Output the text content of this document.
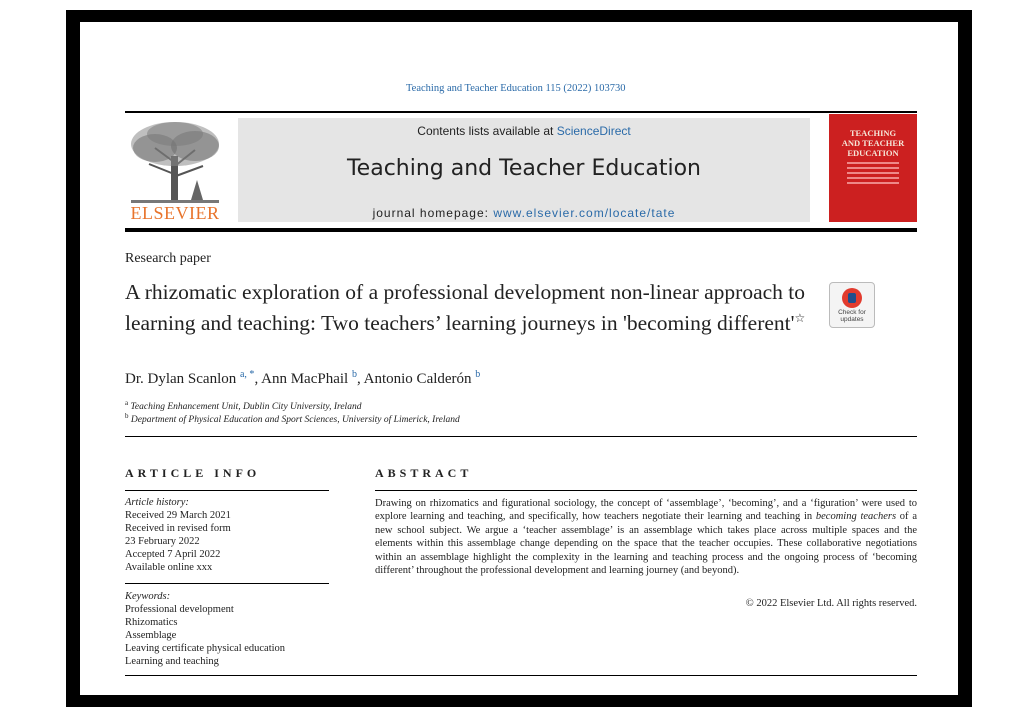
Teaching and Teacher Education 115 (2022) 103730
ELSEVIER
Contents lists available at ScienceDirect
Teaching and Teacher Education
journal homepage: www.elsevier.com/locate/tate
TEACHING
AND TEACHER
EDUCATION
Research paper
A rhizomatic exploration of a professional development non-linear approach to learning and teaching: Two teachers’ learning journeys in 'becoming different'☆	Check for
updates
Dr. Dylan Scanlon $^{a, *}$, Ann MacPhail $^b$, Antonio Calderón $^b$
$^a$ Teaching Enhancement Unit, Dublin City University, Ireland
$^b$ Department of Physical Education and Sport Sciences, University of Limerick, Ireland
ARTICLE INFO
Article history:
Received 29 March 2021
Received in revised form
23 February 2022
Accepted 7 April 2022
Available online xxx
Keywords:
Professional development
Rhizomatics
Assemblage
Leaving certificate physical education
Learning and teaching
ABSTRACT
Drawing on rhizomatics and figurational sociology, the concept of ‘assemblage’, ‘becoming’, and a ‘figuration’ were used to explore learning and teaching, and specifically, how teachers negotiate their learning and teaching in becoming teachers of a new school subject. We argue a ‘teacher assemblage’ is an assemblage which takes place across multiple spaces and the elements within this assemblage change depending on the space that the teacher occupies. These collaborative negotiations within an assemblage highlight the complexity in the learning and teaching process and the ongoing process of ‘becoming different’ throughout the professional development and learning journey (and beyond).
© 2022 Elsevier Ltd. All rights reserved.
